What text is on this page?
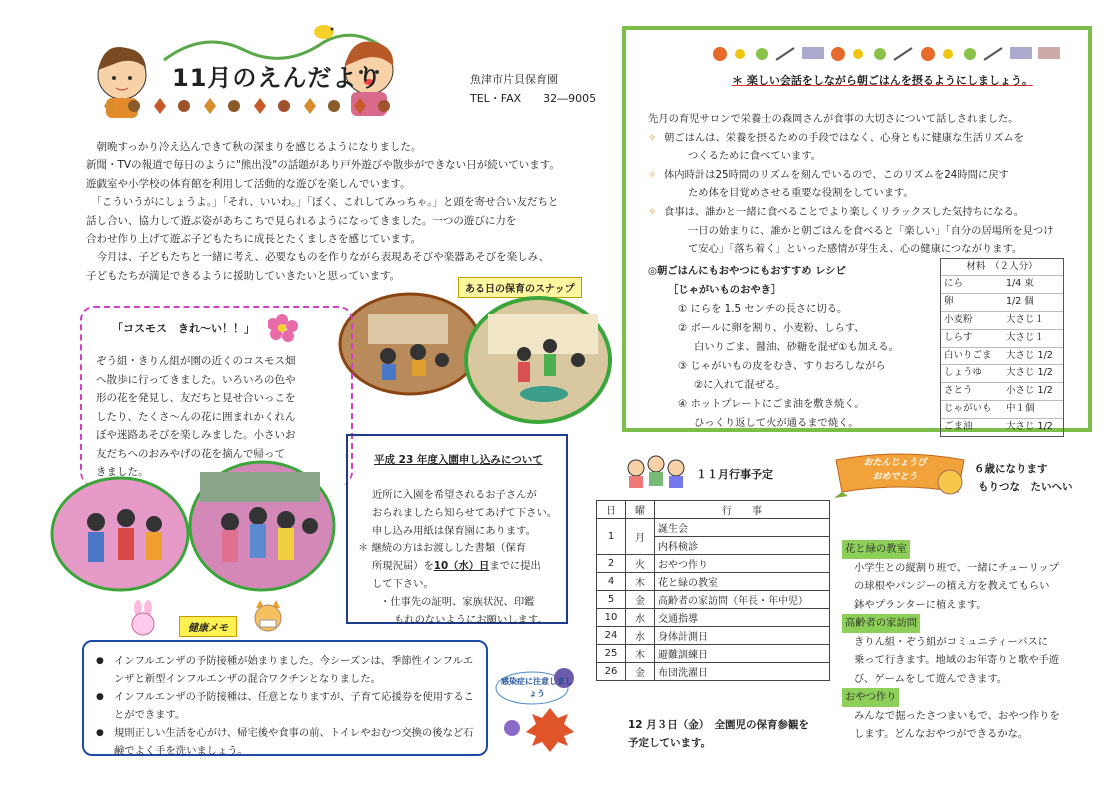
11月のえんだより	魚津市片貝保育園
TEL・FAX　　32―9005

　朝晩すっかり冷え込んできて秋の深まりを感じるようになりました。

新聞・TVの報道で毎日のように"熊出没"の話題があり戸外遊びや散歩ができない日が続いています。

遊戯室や小学校の体育館を利用して活動的な遊びを楽しんでいます。

　「こういうがにしょうよ。」「それ、いいわ。」「ぼく、これしてみっちゃ。」と頭を寄せ合い友だちと

話し合い、協力して遊ぶ姿があちこちで見られるようになってきました。一つの遊びに力を

合わせ作り上げて遊ぶ子どもたちに成長とたくましさを感じています。

　今月は、子どもたちと一緒に考え、必要なものを作りながら表現あそびや楽器あそびを楽しみ、

子どもたちが満足できるように援助していきたいと思っています。

＊ 楽しい会話をしながら朝ごはんを摂るようにしましょう。

先月の育児サロンで栄養士の森岡さんが食事の大切さについて話しされました。

✧ 朝ごはんは、栄養を摂るための手段ではなく、心身ともに健康な生活リズムを

つくるために食べています。

✧ 体内時計は25時間のリズムを刻んでいるので、このリズムを24時間に戻す

ため体を目覚めさせる重要な役割をしています。

✧ 食事は、誰かと一緒に食べることでより楽しくリラックスした気持ちになる。

一日の始まりに、誰かと朝ごはんを食べると「楽しい」「自分の居場所を見つけ

て安心」「落ち着く」といった感情が芽生え、心の健康につながります。

◎朝ごはんにもおやつにもおすすめ レシピ
［じゃがいものおやき］
① にらを 1.5 センチの長さに切る。
② ボールに卵を割り、小麦粉、しらす、
白いりごま、醤油、砂糖を混ぜ①も加える。
③ じゃがいもの皮をむき、すりおろしながら
②に入れて混ぜる。
④ ホットプレートにごま油を敷き焼く。
ひっくり返して火が通るまで焼く。
材料　（２人分）
にら	1/4 束
卵	1/2 個
小麦粉	大さじ１
しらす	大さじ１
白いりごま	大さじ 1/2
しょうゆ	大さじ 1/2
さとう	小さじ 1/2
じゃがいも	中１個
ごま油	大さじ 1/2
ある日の保育のスナップ
「コスモス　きれ～い！！」

ぞう組・きりん組が園の近くのコスモス畑

へ散歩に行ってきました。いろいろの色や

形の花を発見し、友だちと見せ合いっこを

したり、たくさ～んの花に囲まれかくれん

ぼや迷路あそびを楽しみました。小さいお

友だちへのおみやげの花を摘んで帰って

きました。

平成 23 年度入園申し込みについて

近所に入園を希望されるお子さんが

おられましたら知らせてあげて下さい。

申し込み用紙は保育園にあります。

＊ 継続の方はお渡しした書類（保育

所現況届）を10（水）日までに提出

して下さい。

・仕事先の証明、家族状況、印鑑

もれのないようにお願いします。

健康メモ
● インフルエンザの予防接種が始まりました。今シーズンは、季節性インフルエンザと新型インフルエンザの混合ワクチンとなりました。
● インフルエンザの予防接種は、任意となりますが、子育て応援券を使用することができます。
● 規則正しい生活を心がけ、帰宅後や食事の前、トイレやおむつ交換の後など石鹸でよく手を洗いましょう。
感染症に注意しましょう
１１月行事予定
日	曜	行　　事
1	月	誕生会
		内科検診
2	火	おやつ作り
4	木	花と緑の教室
5	金	高齢者の家訪問（年長・年中児）
10	水	交通指導
24	水	身体計測日
25	木	避難訓練日
26	金	布団洗濯日
12 月３日（金）　全園児の保育参観を
予定しています。
おたんじょうび
おめでとう
６歳になります
もりつな　たいへい
花と緑の教室

小学生との縦割り班で、一緒にチューリップ

の球根やパンジーの植え方を教えてもらい

鉢やプランターに植えます。

高齢者の家訪問

きりん組・ぞう組がコミュニティーバスに

乗って行きます。地域のお年寄りと歌や手遊

び、ゲームをして遊んできます。

おやつ作り

みんなで掘ったさつまいもで、おやつ作りを

します。どんなおやつができるかな。
